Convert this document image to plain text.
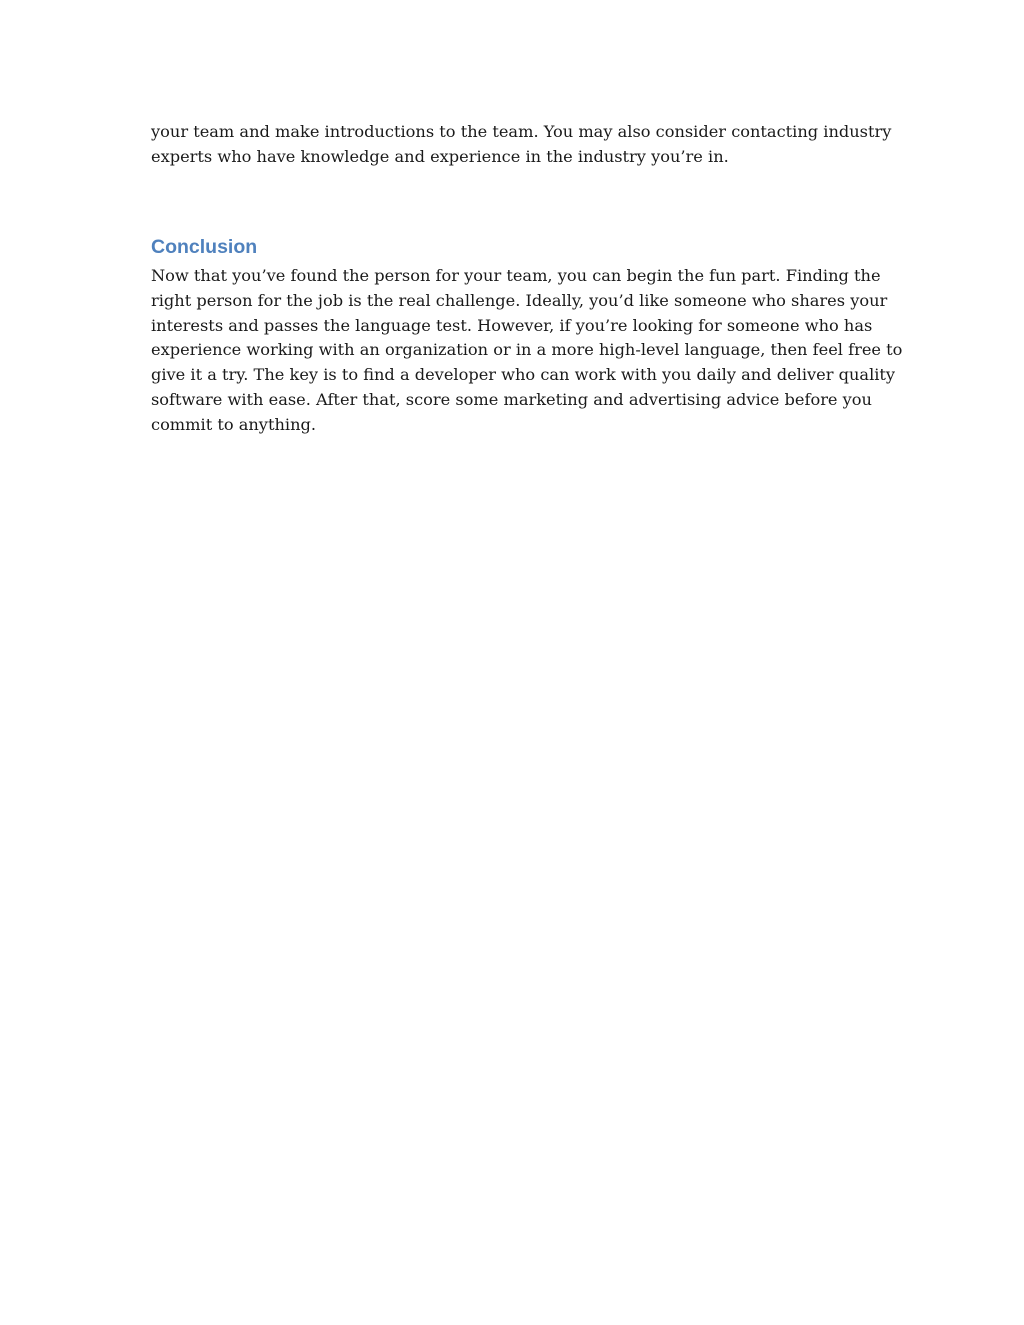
your team and make introductions to the team. You may also consider contacting industry
experts who have knowledge and experience in the industry you’re in.

Conclusion

Now that you’ve found the person for your team, you can begin the fun part. Finding the
right person for the job is the real challenge. Ideally, you’d like someone who shares your
interests and passes the language test. However, if you’re looking for someone who has
experience working with an organization or in a more high-level language, then feel free to
give it a try. The key is to find a developer who can work with you daily and deliver quality
software with ease. After that, score some marketing and advertising advice before you
commit to anything.
